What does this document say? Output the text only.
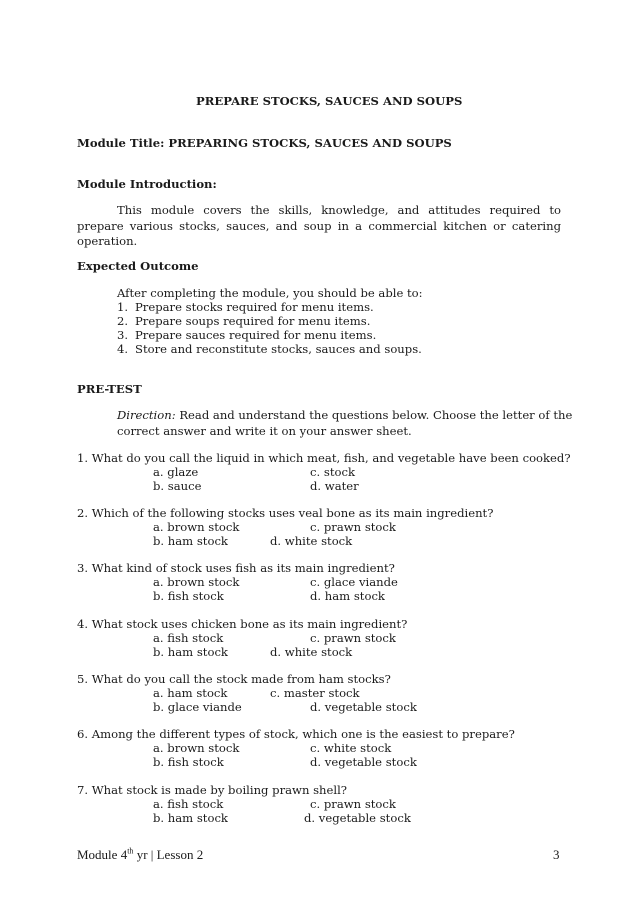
PREPARE STOCKS, SAUCES AND SOUPS
Module Title: PREPARING STOCKS, SAUCES AND SOUPS
Module Introduction:
This module covers the skills, knowledge, and attitudes required to prepare various stocks, sauces, and soup in a commercial kitchen or catering operation.
Expected Outcome
After completing the module, you should be able to:
1. Prepare stocks required for menu items.
2. Prepare soups required for menu items.
3. Prepare sauces required for menu items.
4. Store and reconstitute stocks, sauces and soups.
PRE-TEST
Direction: Read and understand the questions below. Choose the letter of the
correct answer and write it on your answer sheet.
1. What do you call the liquid in which meat, fish, and vegetable have been cooked?
a. glaze	c. stock
b. sauce	d. water
2. Which of the following stocks uses veal bone as its main ingredient?
a. brown stock	c. prawn stock
b. ham stock	d. white stock
3. What kind of stock uses fish as its main ingredient?
a. brown stock	c. glace viande
b. fish stock	d. ham stock
4. What stock uses chicken bone as its main ingredient?
a. fish stock	c. prawn stock
b. ham stock	d. white stock
5. What do you call the stock made from ham stocks?
a. ham stock	c. master stock
b. glace viande	d. vegetable stock
6. Among the different types of stock, which one is the easiest to prepare?
a. brown stock	c. white stock
b. fish stock	d. vegetable stock
7. What stock is made by boiling prawn shell?
a. fish stock	c. prawn stock
b. ham stock	d. vegetable stock
Module 4th yr | Lesson 2	3
